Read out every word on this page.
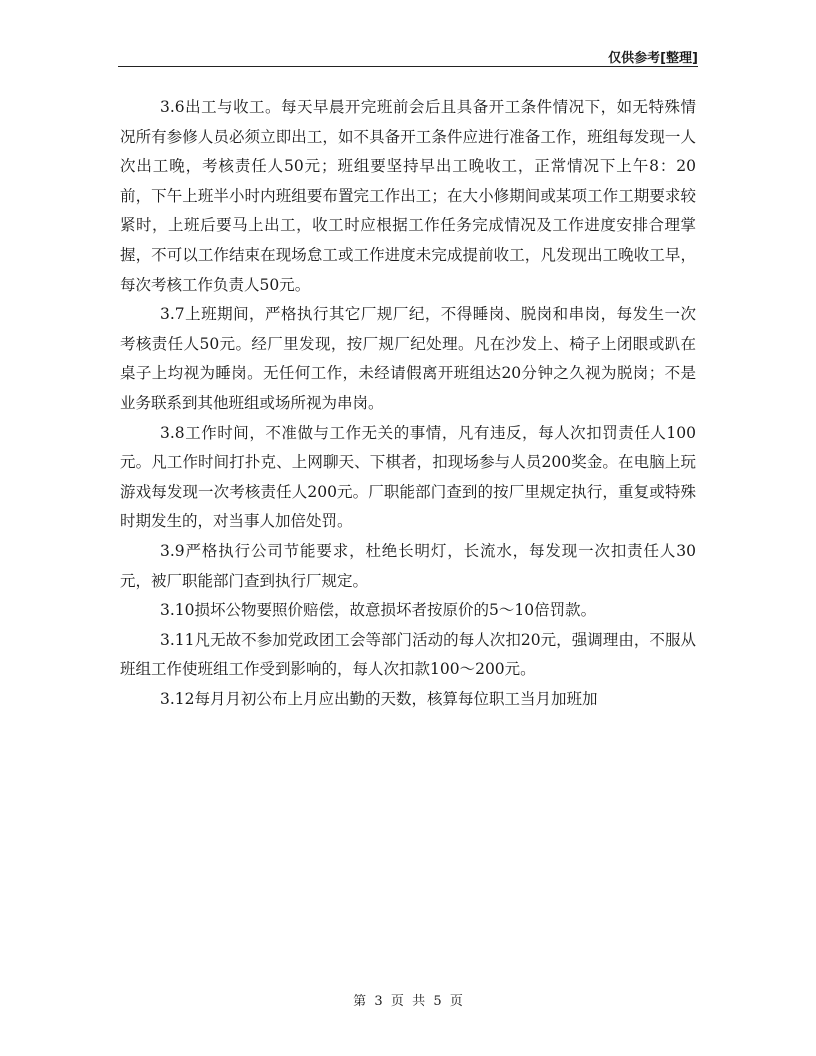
仅供参考[整理]

3.6出工与收工。每天早晨开完班前会后且具备开工条件情况下，如无特殊情况所有参修人员必须立即出工，如不具备开工条件应进行准备工作，班组每发现一人次出工晚，考核责任人50元；班组要坚持早出工晚收工，正常情况下上午8：20前，下午上班半小时内班组要布置完工作出工；在大小修期间或某项工作工期要求较紧时，上班后要马上出工，收工时应根据工作任务完成情况及工作进度安排合理掌握，不可以工作结束在现场怠工或工作进度未完成提前收工，凡发现出工晚收工早，每次考核工作负责人50元。

3.7上班期间，严格执行其它厂规厂纪，不得睡岗、脱岗和串岗，每发生一次考核责任人50元。经厂里发现，按厂规厂纪处理。凡在沙发上、椅子上闭眼或趴在桌子上均视为睡岗。无任何工作，未经请假离开班组达20分钟之久视为脱岗；不是业务联系到其他班组或场所视为串岗。

3.8工作时间，不准做与工作无关的事情，凡有违反，每人次扣罚责任人100元。凡工作时间打扑克、上网聊天、下棋者，扣现场参与人员200奖金。在电脑上玩游戏每发现一次考核责任人200元。厂职能部门查到的按厂里规定执行，重复或特殊时期发生的，对当事人加倍处罚。

3.9严格执行公司节能要求，杜绝长明灯，长流水，每发现一次扣责任人30元，被厂职能部门查到执行厂规定。

3.10损坏公物要照价赔偿，故意损坏者按原价的5～10倍罚款。

3.11凡无故不参加党政团工会等部门活动的每人次扣20元，强调理由，不服从班组工作使班组工作受到影响的，每人次扣款100～200元。

3.12每月月初公布上月应出勤的天数，核算每位职工当月加班加

第  3  页  共  5  页
